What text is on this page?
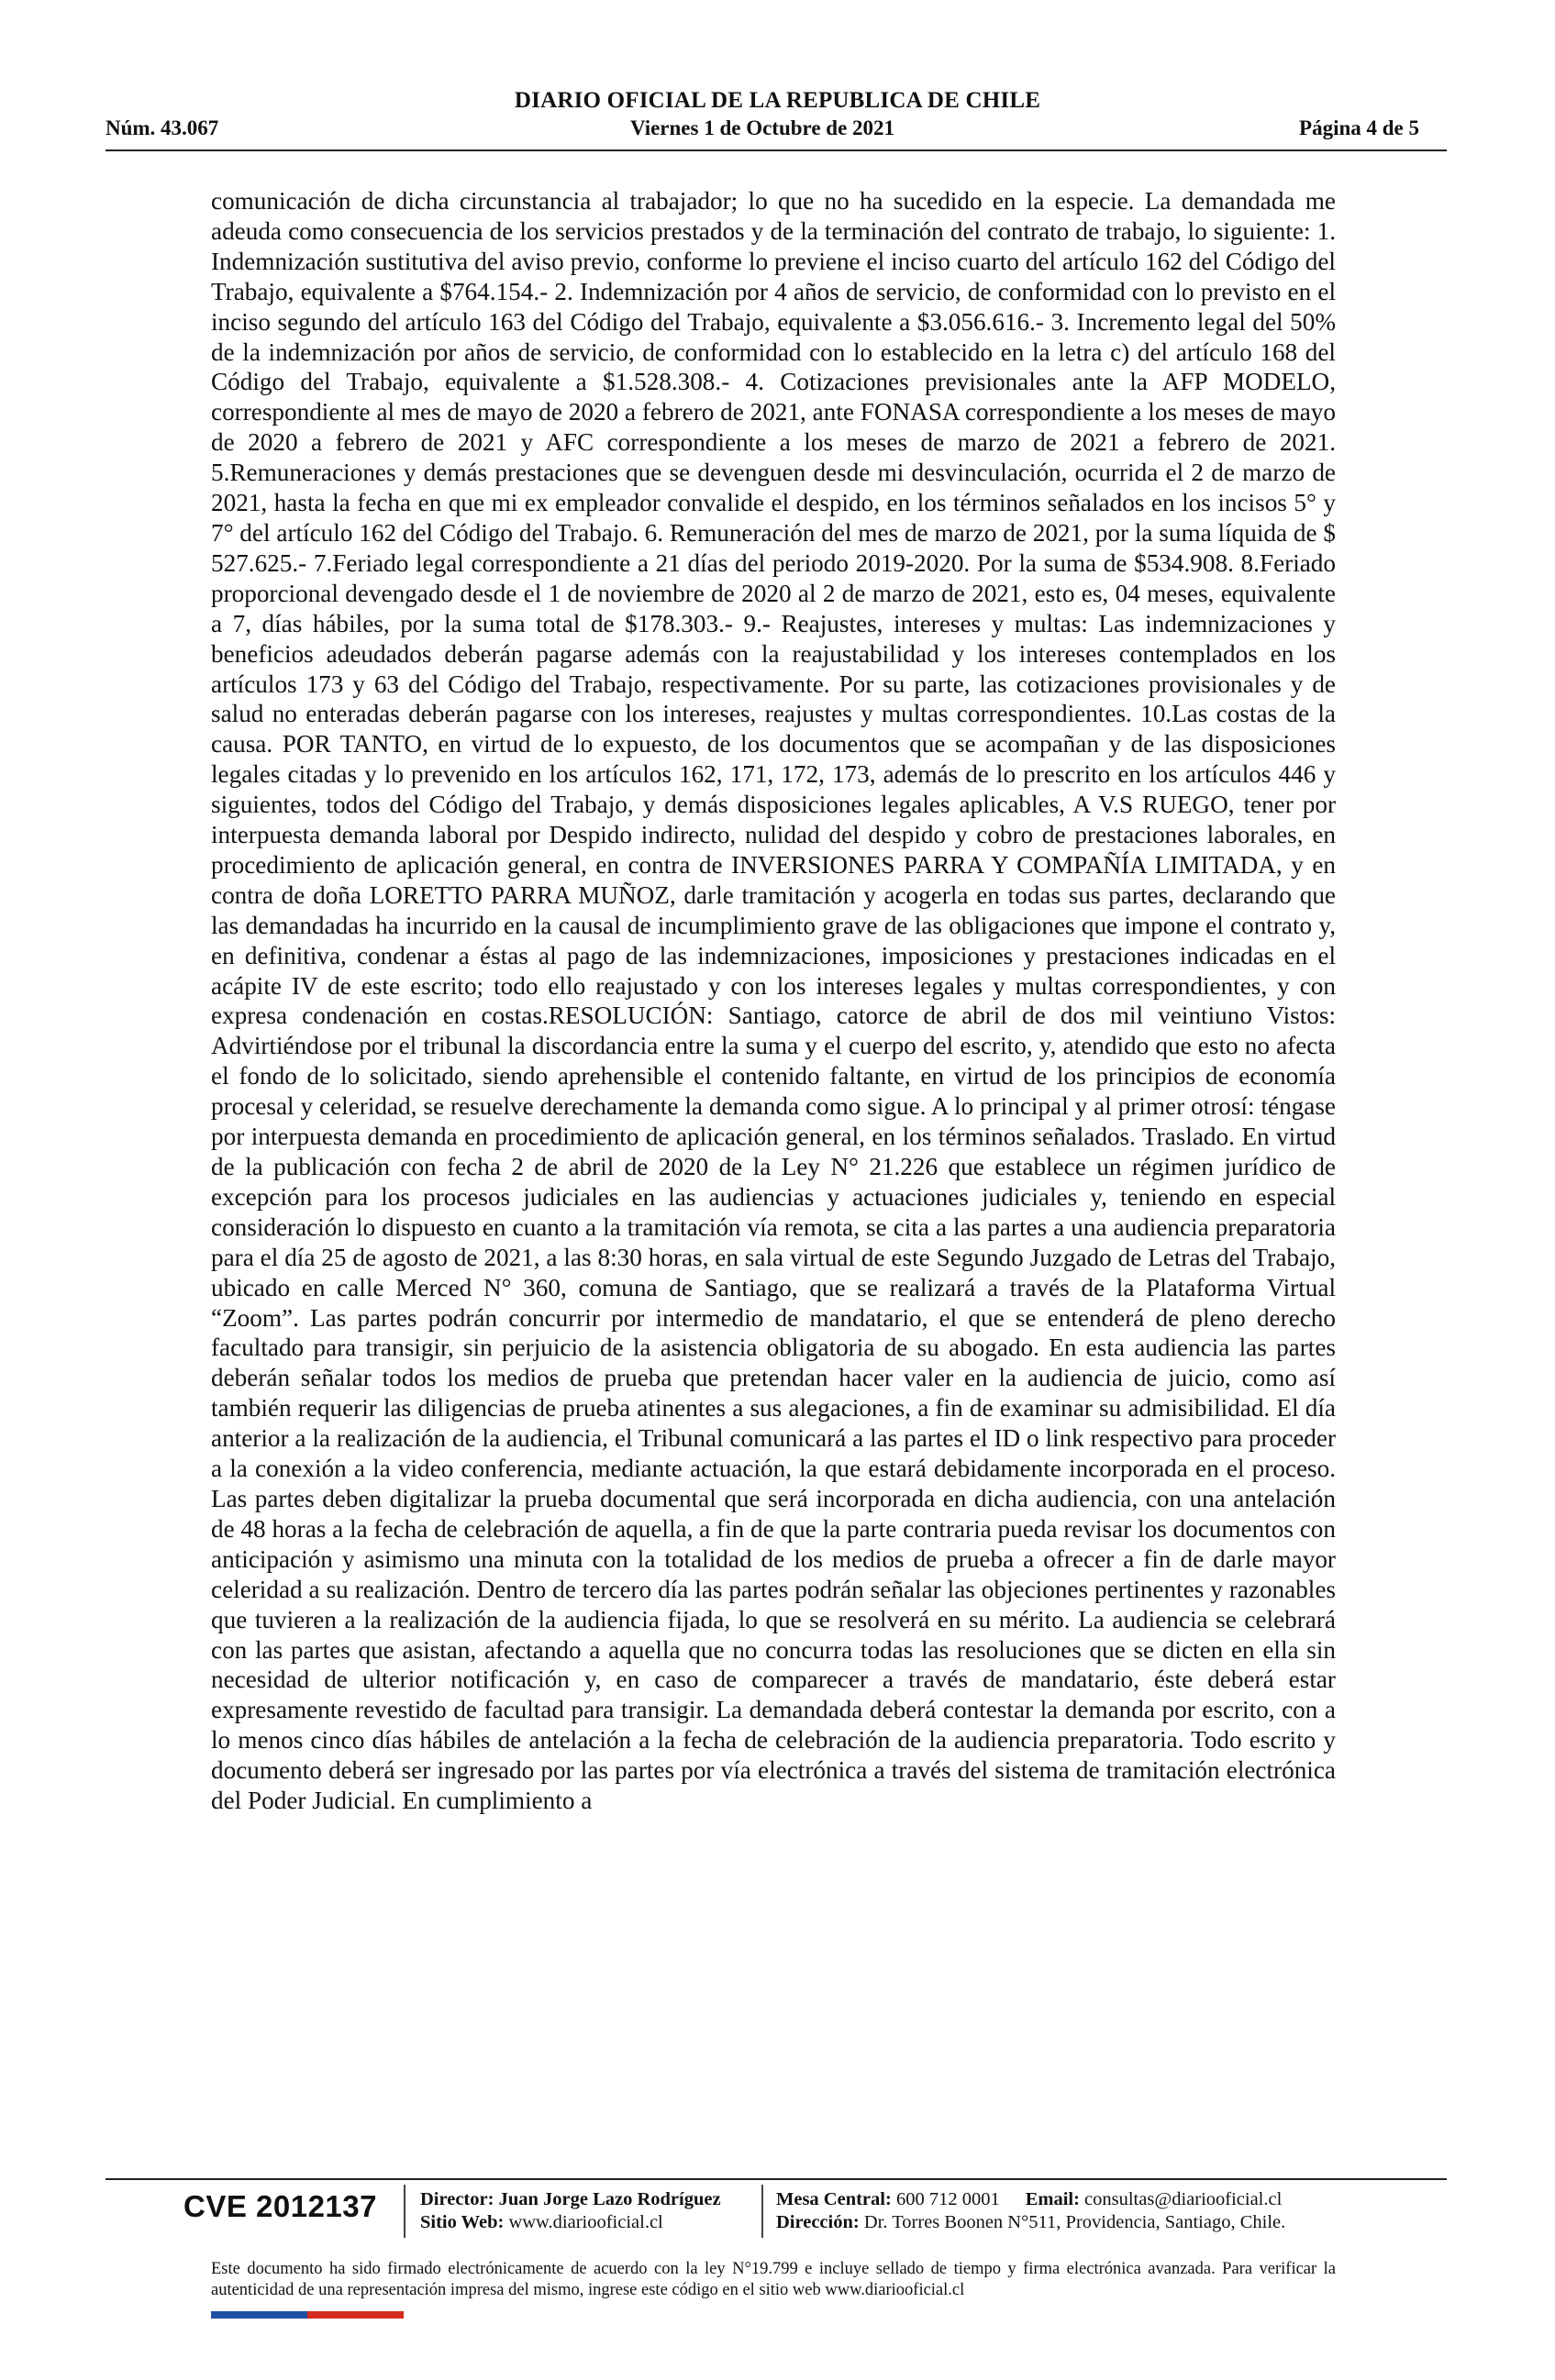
DIARIO OFICIAL DE LA REPUBLICA DE CHILE
Núm. 43.067	Viernes 1 de Octubre de 2021	Página 4 de 5

comunicación de dicha circunstancia al trabajador; lo que no ha sucedido en la especie. La demandada me adeuda como consecuencia de los servicios prestados y de la terminación del contrato de trabajo, lo siguiente: 1. Indemnización sustitutiva del aviso previo, conforme lo previene el inciso cuarto del artículo 162 del Código del Trabajo, equivalente a $764.154.- 2. Indemnización por 4 años de servicio, de conformidad con lo previsto en el inciso segundo del artículo 163 del Código del Trabajo, equivalente a $3.056.616.- 3. Incremento legal del 50% de la indemnización por años de servicio, de conformidad con lo establecido en la letra c) del artículo 168 del Código del Trabajo, equivalente a $1.528.308.- 4. Cotizaciones previsionales ante la AFP MODELO, correspondiente al mes de mayo de 2020 a febrero de 2021, ante FONASA correspondiente a los meses de mayo de 2020 a febrero de 2021 y AFC correspondiente a los meses de marzo de 2021 a febrero de 2021. 5.Remuneraciones y demás prestaciones que se devenguen desde mi desvinculación, ocurrida el 2 de marzo de 2021, hasta la fecha en que mi ex empleador convalide el despido, en los términos señalados en los incisos 5° y 7° del artículo 162 del Código del Trabajo. 6. Remuneración del mes de marzo de 2021, por la suma líquida de $ 527.625.- 7.Feriado legal correspondiente a 21 días del periodo 2019-2020. Por la suma de $534.908. 8.Feriado proporcional devengado desde el 1 de noviembre de 2020 al 2 de marzo de 2021, esto es, 04 meses, equivalente a 7, días hábiles, por la suma total de $178.303.- 9.- Reajustes, intereses y multas: Las indemnizaciones y beneficios adeudados deberán pagarse además con la reajustabilidad y los intereses contemplados en los artículos 173 y 63 del Código del Trabajo, respectivamente. Por su parte, las cotizaciones provisionales y de salud no enteradas deberán pagarse con los intereses, reajustes y multas correspondientes. 10.Las costas de la causa. POR TANTO, en virtud de lo expuesto, de los documentos que se acompañan y de las disposiciones legales citadas y lo prevenido en los artículos 162, 171, 172, 173, además de lo prescrito en los artículos 446 y siguientes, todos del Código del Trabajo, y demás disposiciones legales aplicables, A V.S RUEGO, tener por interpuesta demanda laboral por Despido indirecto, nulidad del despido y cobro de prestaciones laborales, en procedimiento de aplicación general, en contra de INVERSIONES PARRA Y COMPAÑÍA LIMITADA, y en contra de doña LORETTO PARRA MUÑOZ, darle tramitación y acogerla en todas sus partes, declarando que las demandadas ha incurrido en la causal de incumplimiento grave de las obligaciones que impone el contrato y, en definitiva, condenar a éstas al pago de las indemnizaciones, imposiciones y prestaciones indicadas en el acápite IV de este escrito; todo ello reajustado y con los intereses legales y multas correspondientes, y con expresa condenación en costas.RESOLUCIÓN: Santiago, catorce de abril de dos mil veintiuno Vistos: Advirtiéndose por el tribunal la discordancia entre la suma y el cuerpo del escrito, y, atendido que esto no afecta el fondo de lo solicitado, siendo aprehensible el contenido faltante, en virtud de los principios de economía procesal y celeridad, se resuelve derechamente la demanda como sigue. A lo principal y al primer otrosí: téngase por interpuesta demanda en procedimiento de aplicación general, en los términos señalados. Traslado. En virtud de la publicación con fecha 2 de abril de 2020 de la Ley N° 21.226 que establece un régimen jurídico de excepción para los procesos judiciales en las audiencias y actuaciones judiciales y, teniendo en especial consideración lo dispuesto en cuanto a la tramitación vía remota, se cita a las partes a una audiencia preparatoria para el día 25 de agosto de 2021, a las 8:30 horas, en sala virtual de este Segundo Juzgado de Letras del Trabajo, ubicado en calle Merced N° 360, comuna de Santiago, que se realizará a través de la Plataforma Virtual “Zoom”. Las partes podrán concurrir por intermedio de mandatario, el que se entenderá de pleno derecho facultado para transigir, sin perjuicio de la asistencia obligatoria de su abogado. En esta audiencia las partes deberán señalar todos los medios de prueba que pretendan hacer valer en la audiencia de juicio, como así también requerir las diligencias de prueba atinentes a sus alegaciones, a fin de examinar su admisibilidad. El día anterior a la realización de la audiencia, el Tribunal comunicará a las partes el ID o link respectivo para proceder a la conexión a la video conferencia, mediante actuación, la que estará debidamente incorporada en el proceso. Las partes deben digitalizar la prueba documental que será incorporada en dicha audiencia, con una antelación de 48 horas a la fecha de celebración de aquella, a fin de que la parte contraria pueda revisar los documentos con anticipación y asimismo una minuta con la totalidad de los medios de prueba a ofrecer a fin de darle mayor celeridad a su realización. Dentro de tercero día las partes podrán señalar las objeciones pertinentes y razonables que tuvieren a la realización de la audiencia fijada, lo que se resolverá en su mérito. La audiencia se celebrará con las partes que asistan, afectando a aquella que no concurra todas las resoluciones que se dicten en ella sin necesidad de ulterior notificación y, en caso de comparecer a través de mandatario, éste deberá estar expresamente revestido de facultad para transigir. La demandada deberá contestar la demanda por escrito, con a lo menos cinco días hábiles de antelación a la fecha de celebración de la audiencia preparatoria. Todo escrito y documento deberá ser ingresado por las partes por vía electrónica a través del sistema de tramitación electrónica del Poder Judicial. En cumplimiento a

CVE 2012137 Director: Juan Jorge Lazo Rodríguez
Sitio Web: www.diariooficial.cl
Mesa Central: 600 712 0001 Email: consultas@diariooficial.cl
Dirección: Dr. Torres Boonen N°511, Providencia, Santiago, Chile.
Este documento ha sido firmado electrónicamente de acuerdo con la ley N°19.799 e incluye sellado de tiempo y firma electrónica avanzada. Para verificar la autenticidad de una representación impresa del mismo, ingrese este código en el sitio web www.diariooficial.cl
